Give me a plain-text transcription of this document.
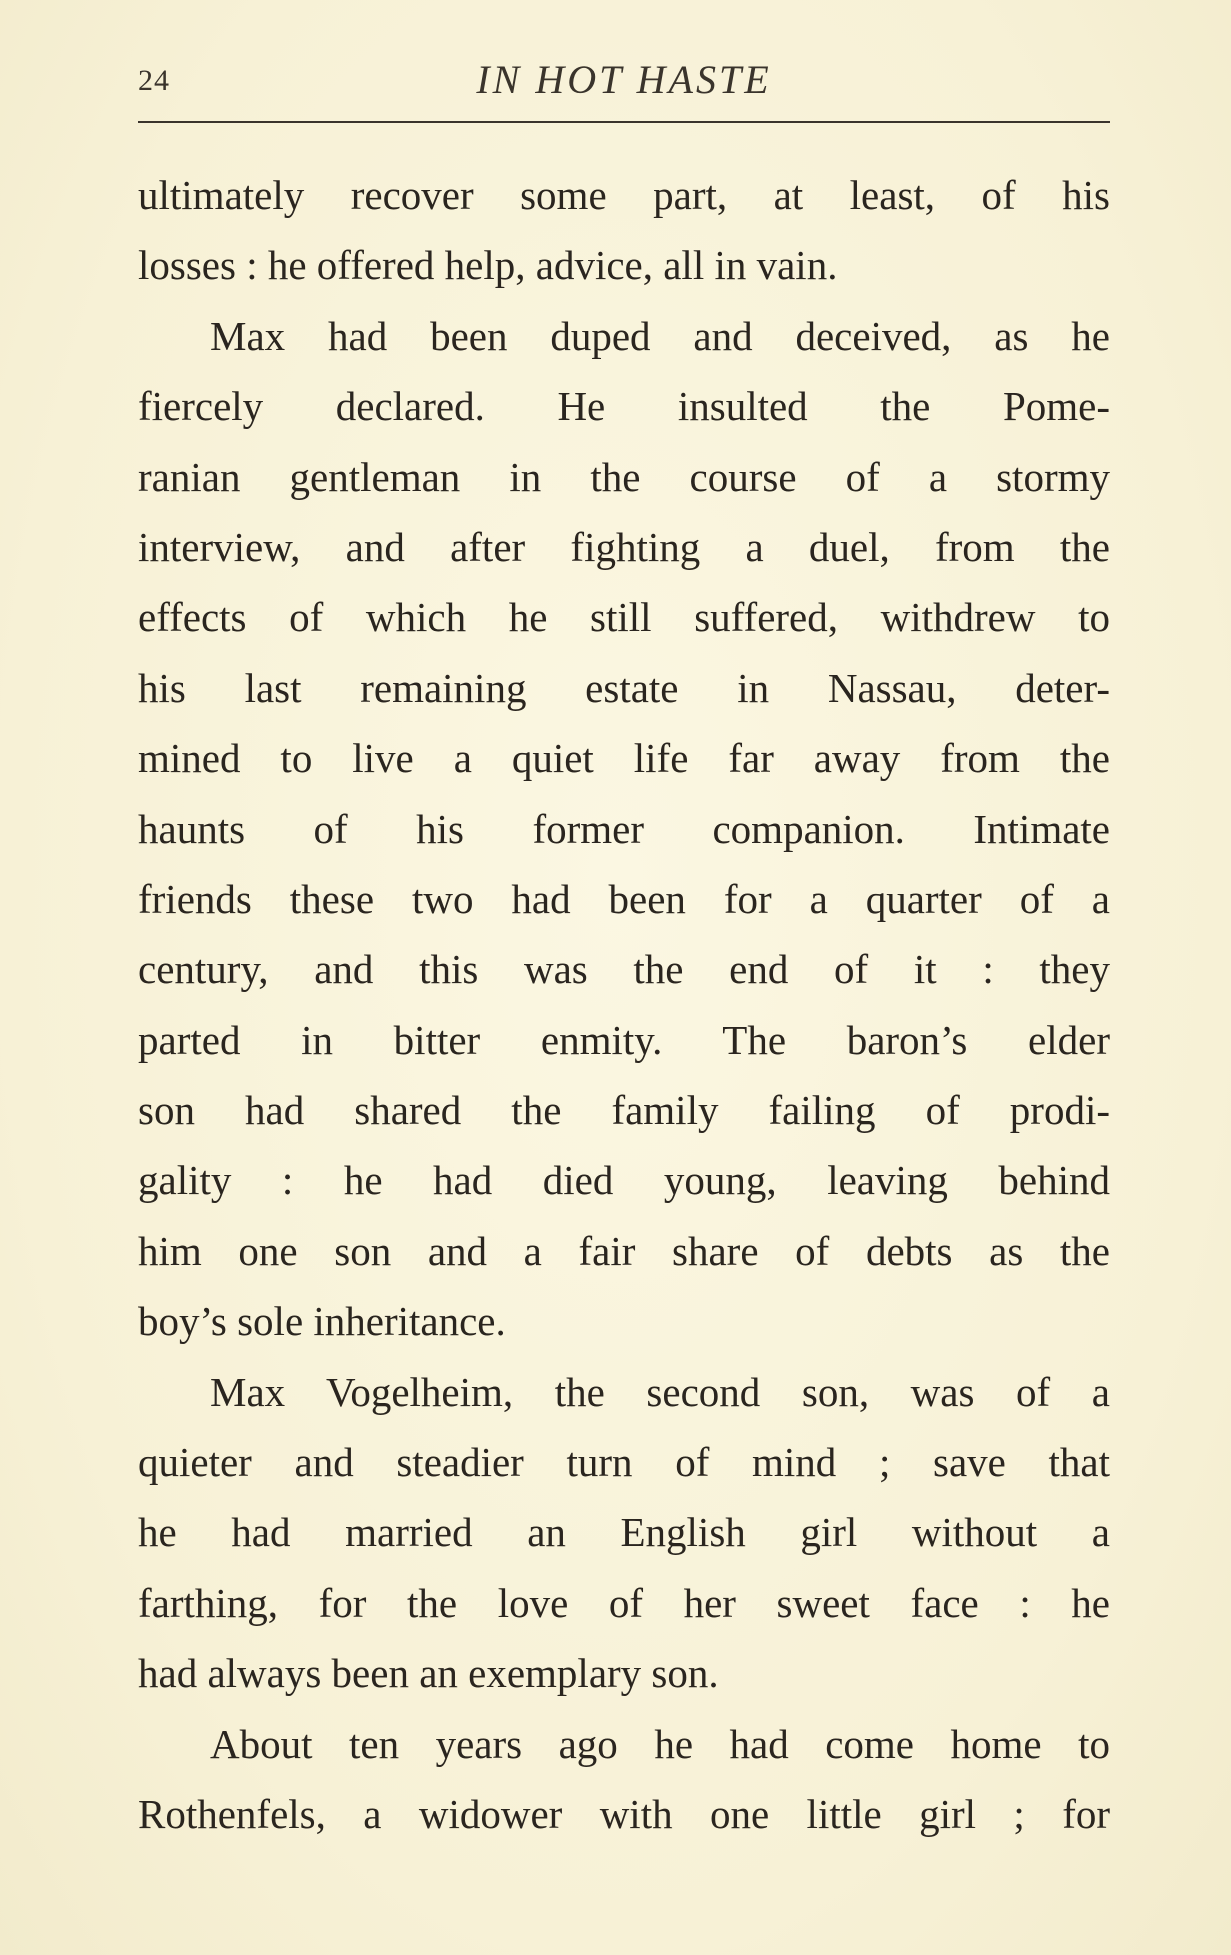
24	IN HOT HASTE
ultimately recover some part, at least, of his
losses : he offered help, advice, all in vain.
Max had been duped and deceived, as he
fiercely declared. He insulted the Pome-
ranian gentleman in the course of a stormy
interview, and after fighting a duel, from the
effects of which he still suffered, withdrew to
his last remaining estate in Nassau, deter-
mined to live a quiet life far away from the
haunts of his former companion. Intimate
friends these two had been for a quarter of a
century, and this was the end of it : they
parted in bitter enmity. The baron’s elder
son had shared the family failing of prodi-
gality : he had died young, leaving behind
him one son and a fair share of debts as the
boy’s sole inheritance.
Max Vogelheim, the second son, was of a
quieter and steadier turn of mind ; save that
he had married an English girl without a
farthing, for the love of her sweet face : he
had always been an exemplary son.
About ten years ago he had come home to
Rothenfels, a widower with one little girl ; for
